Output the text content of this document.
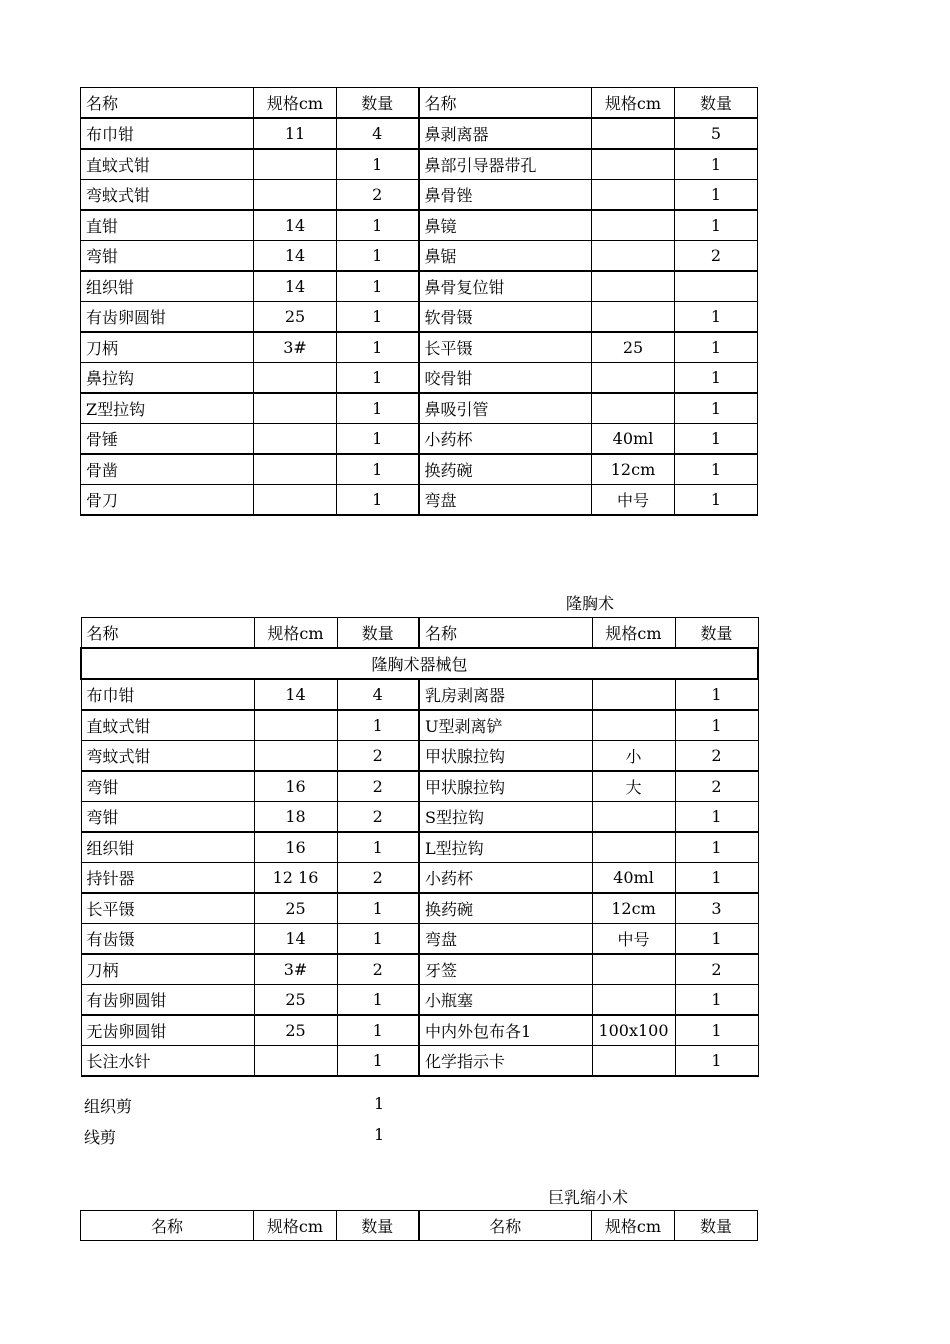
名称	规格cm	数量	名称	规格cm	数量
布巾钳	11	4	鼻剥离器		5
直蚊式钳		1	鼻部引导器带孔		1
弯蚊式钳		2	鼻骨锉		1
直钳	14	1	鼻镜		1
弯钳	14	1	鼻锯		2
组织钳	14	1	鼻骨复位钳		
有齿卵圆钳	25	1	软骨镊		1
刀柄	3#	1	长平镊	25	1
鼻拉钩		1	咬骨钳		1
Z型拉钩		1	鼻吸引管		1
骨锤		1	小药杯	40ml	1
骨凿		1	换药碗	12cm	1
骨刀		1	弯盘	中号	1
隆胸术
名称	规格cm	数量	名称	规格cm	数量
隆胸术器械包					
布巾钳	14	4	乳房剥离器		1
直蚊式钳		1	U型剥离铲		1
弯蚊式钳		2	甲状腺拉钩	小	2
弯钳	16	2	甲状腺拉钩	大	2
弯钳	18	2	S型拉钩		1
组织钳	16	1	L型拉钩		1
持针器	12 16	2	小药杯	40ml	1
长平镊	25	1	换药碗	12cm	3
有齿镊	14	1	弯盘	中号	1
刀柄	3#	2	牙签		2
有齿卵圆钳	25	1	小瓶塞		1
无齿卵圆钳	25	1	中内外包布各1	100x100	1
长注水针		1	化学指示卡		1
组织剪	1
线剪	1
巨乳缩小术
名称	规格cm	数量	名称	规格cm	数量
